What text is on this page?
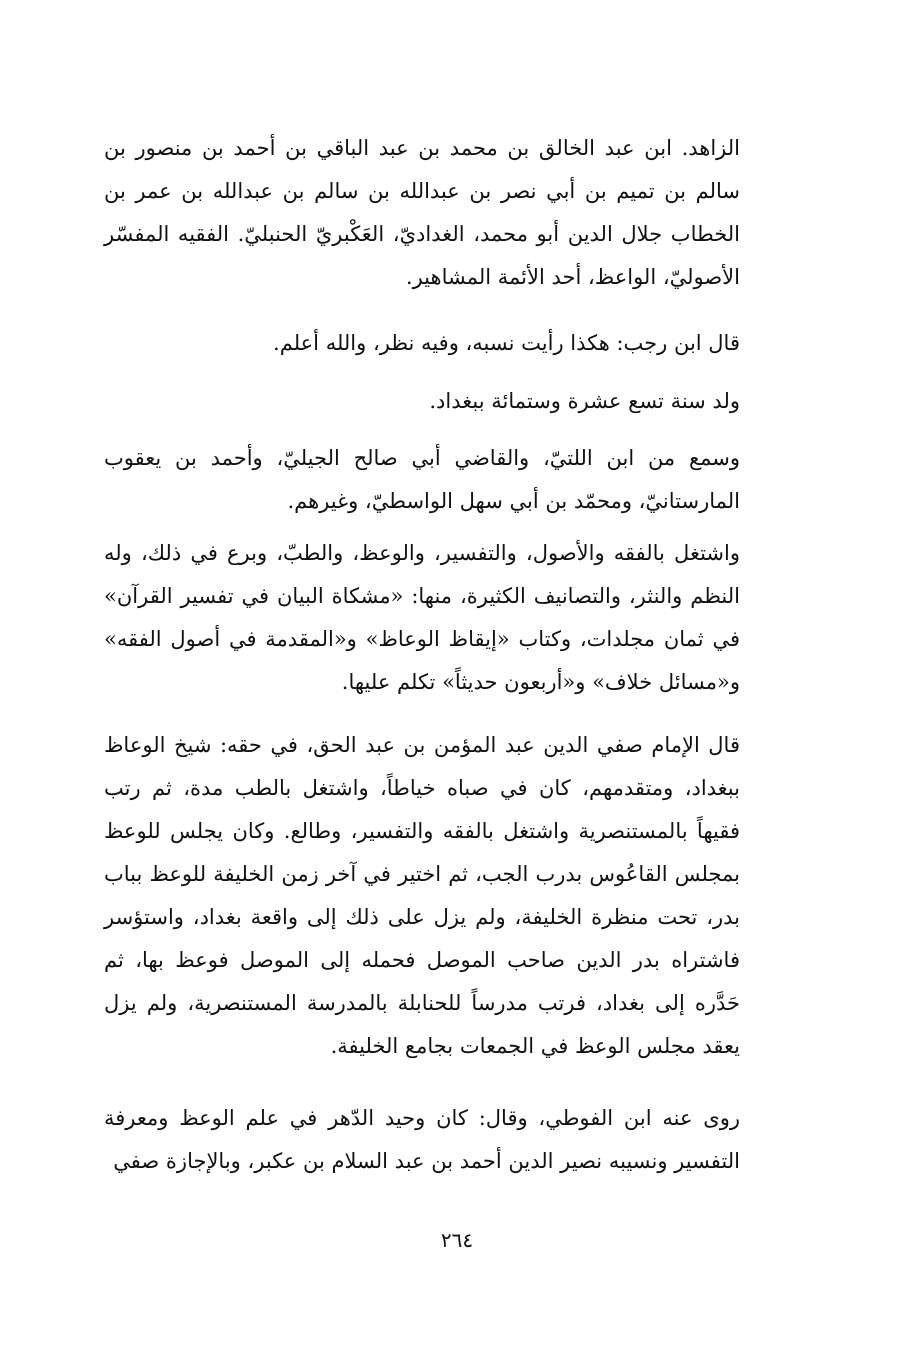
الزاهد. ابن عبد الخالق بن محمد بن عبد الباقي بن أحمد بن منصور بن سالم بن تميم بن أبي نصر بن عبدالله بن سالم بن عبدالله بن عمر بن الخطاب جلال الدين أبو محمد، الغداديّ، العَكْبريّ الحنبليّ. الفقيه المفسّر الأصوليّ، الواعظ، أحد الأئمة المشاهير.

قال ابن رجب: هكذا رأيت نسبه، وفيه نظر، والله أعلم.

ولد سنة تسع عشرة وستمائة ببغداد.

وسمع من ابن اللتيّ، والقاضي أبي صالح الجيليّ، وأحمد بن يعقوب المارستانيّ، ومحمّد بن أبي سهل الواسطيّ، وغيرهم.

واشتغل بالفقه والأصول، والتفسير، والوعظ، والطبّ، وبرع في ذلك، وله النظم والنثر، والتصانيف الكثيرة، منها: «مشكاة البيان في تفسير القرآن» في ثمان مجلدات، وكتاب «إيقاظ الوعاظ» و«المقدمة في أصول الفقه» و«مسائل خلاف» و«أربعون حديثاً» تكلم عليها.

قال الإمام صفي الدين عبد المؤمن بن عبد الحق، في حقه: شيخ الوعاظ ببغداد، ومتقدمهم، كان في صباه خياطاً، واشتغل بالطب مدة، ثم رتب فقيهاً بالمستنصرية واشتغل بالفقه والتفسير، وطالع. وكان يجلس للوعظ بمجلس القاعُوس بدرب الجب، ثم اختير في آخر زمن الخليفة للوعظ بباب بدر، تحت منظرة الخليفة، ولم يزل على ذلك إلى واقعة بغداد، واستؤسر فاشتراه بدر الدين صاحب الموصل فحمله إلى الموصل فوعظ بها، ثم حَدَّره إلى بغداد، فرتب مدرساً للحنابلة بالمدرسة المستنصرية، ولم يزل يعقد مجلس الوعظ في الجمعات بجامع الخليفة.

روى عنه ابن الفوطي، وقال: كان وحيد الدّهر في علم الوعظ ومعرفة التفسير ونسيبه نصير الدين أحمد بن عبد السلام بن عكبر، وبالإجازة صفي

٢٦٤
